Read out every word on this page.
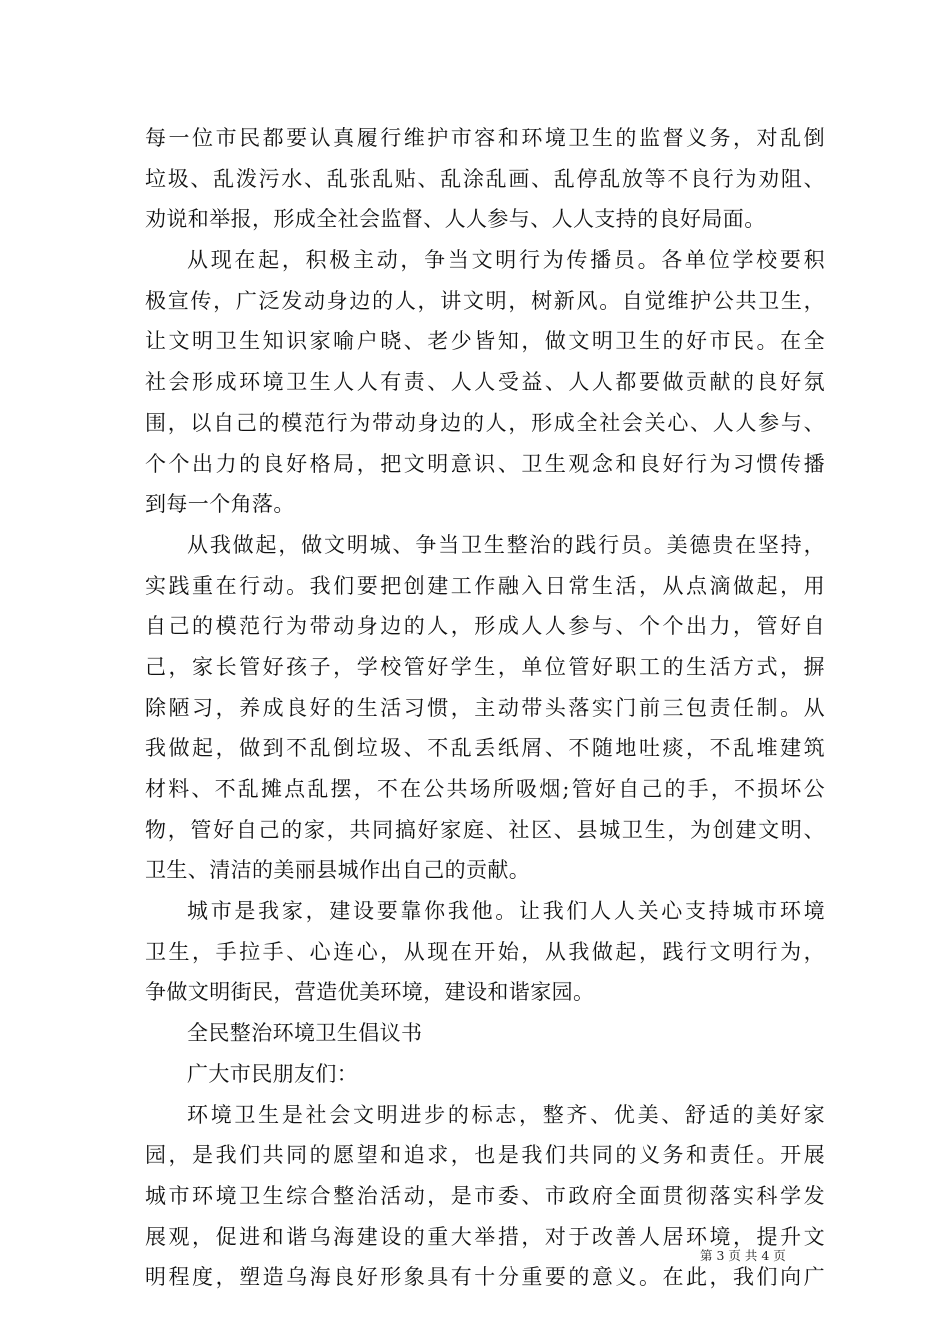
每一位市民都要认真履行维护市容和环境卫生的监督义务，对乱倒
垃圾、乱泼污水、乱张乱贴、乱涂乱画、乱停乱放等不良行为劝阻、
劝说和举报，形成全社会监督、人人参与、人人支持的良好局面。
从现在起，积极主动，争当文明行为传播员。各单位学校要积
极宣传，广泛发动身边的人，讲文明，树新风。自觉维护公共卫生，
让文明卫生知识家喻户晓、老少皆知，做文明卫生的好市民。在全
社会形成环境卫生人人有责、人人受益、人人都要做贡献的良好氛
围，以自己的模范行为带动身边的人，形成全社会关心、人人参与、
个个出力的良好格局，把文明意识、卫生观念和良好行为习惯传播
到每一个角落。
从我做起，做文明城、争当卫生整治的践行员。美德贵在坚持，
实践重在行动。我们要把创建工作融入日常生活，从点滴做起，用
自己的模范行为带动身边的人，形成人人参与、个个出力，管好自
己，家长管好孩子，学校管好学生，单位管好职工的生活方式，摒
除陋习，养成良好的生活习惯，主动带头落实门前三包责任制。从
我做起，做到不乱倒垃圾、不乱丢纸屑、不随地吐痰，不乱堆建筑
材料、不乱摊点乱摆，不在公共场所吸烟;管好自己的手，不损坏公
物，管好自己的家，共同搞好家庭、社区、县城卫生，为创建文明、
卫生、清洁的美丽县城作出自己的贡献。
城市是我家，建设要靠你我他。让我们人人关心支持城市环境
卫生，手拉手、心连心，从现在开始，从我做起，践行文明行为，
争做文明街民，营造优美环境，建设和谐家园。
全民整治环境卫生倡议书
广大市民朋友们：
环境卫生是社会文明进步的标志，整齐、优美、舒适的美好家
园，是我们共同的愿望和追求，也是我们共同的义务和责任。开展
城市环境卫生综合整治活动，是市委、市政府全面贯彻落实科学发
展观，促进和谐乌海建设的重大举措，对于改善人居环境，提升文
明程度，塑造乌海良好形象具有十分重要的意义。在此，我们向广
第 3 页 共 4 页
